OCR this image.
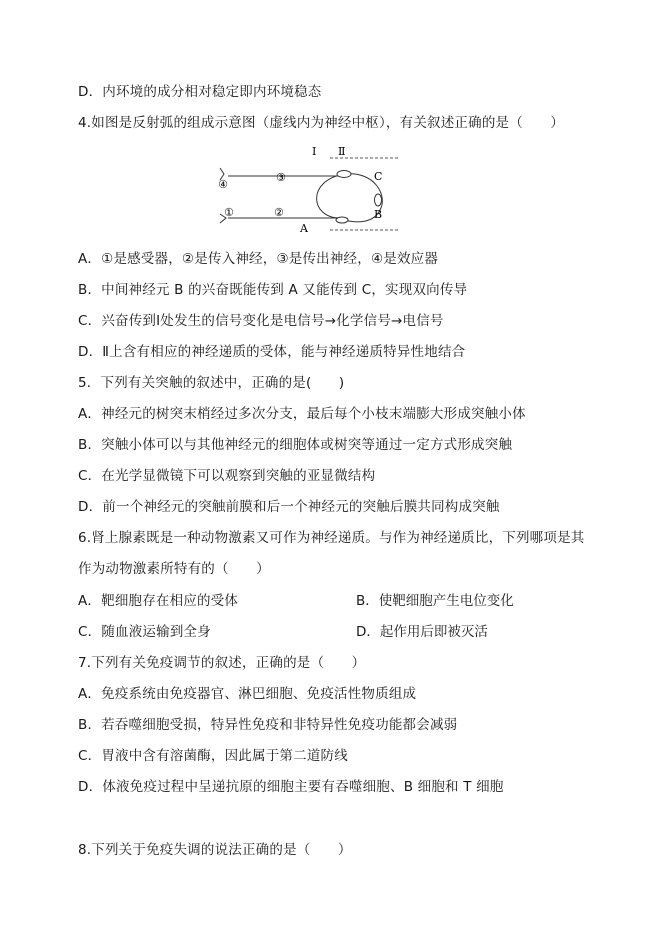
D．内环境的成分相对稳定即内环境稳态
4.如图是反射弧的组成示意图（虚线内为神经中枢），有关叙述正确的是（　　）
④
③
①	②
Ⅰ Ⅱ
C
B
A
A．①是感受器，②是传入神经，③是传出神经，④是效应器
B．中间神经元 B 的兴奋既能传到 A 又能传到 C，实现双向传导
C．兴奋传到Ⅰ处发生的信号变化是电信号→化学信号→电信号
D．Ⅱ上含有相应的神经递质的受体，能与神经递质特异性地结合
5．下列有关突触的叙述中，正确的是(　　)
A．神经元的树突末梢经过多次分支，最后每个小枝末端膨大形成突触小体
B．突触小体可以与其他神经元的细胞体或树突等通过一定方式形成突触
C．在光学显微镜下可以观察到突触的亚显微结构
D．前一个神经元的突触前膜和后一个神经元的突触后膜共同构成突触
6.肾上腺素既是一种动物激素又可作为神经递质。与作为神经递质比，下列哪项是其
作为动物激素所特有的（　　）
A．靶细胞存在相应的受体	B．使靶细胞产生电位变化
C．随血液运输到全身	D．起作用后即被灭活
7.下列有关免疫调节的叙述，正确的是（　　）
A．免疫系统由免疫器官、淋巴细胞、免疫活性物质组成
B．若吞噬细胞受损，特异性免疫和非特异性免疫功能都会减弱
C．胃液中含有溶菌酶，因此属于第二道防线
D．体液免疫过程中呈递抗原的细胞主要有吞噬细胞、B 细胞和 T 细胞
8.下列关于免疫失调的说法正确的是（　　）
